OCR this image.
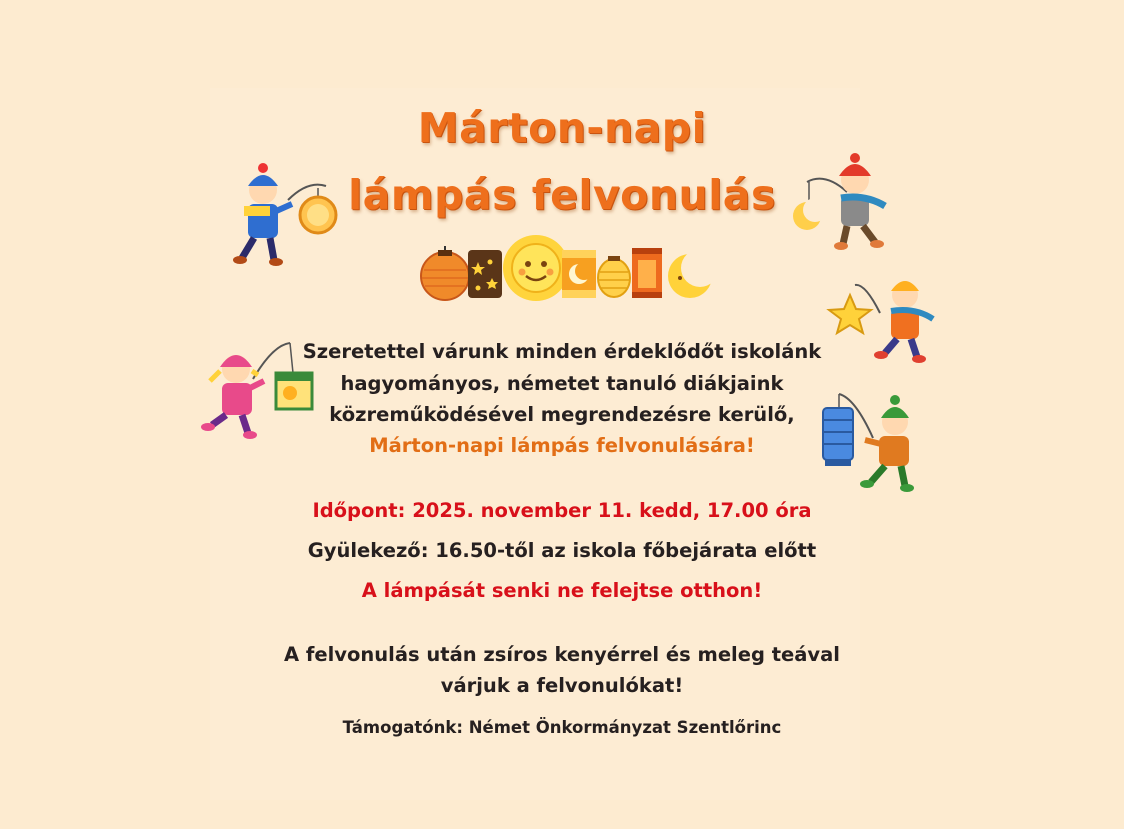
Márton-napi
lámpás felvonulás
Szeretettel várunk minden érdeklődőt iskolánk
hagyományos, németet tanuló diákjaink
közreműködésével megrendezésre kerülő,
Márton-napi lámpás felvonulására!
Időpont: 2025. november 11. kedd, 17.00 óra
Gyülekező: 16.50-től az iskola főbejárata előtt
A lámpását senki ne felejtse otthon!
A felvonulás után zsíros kenyérrel és meleg teával
várjuk a felvonulókat!
Támogatónk: Német Önkormányzat Szentlőrinc
